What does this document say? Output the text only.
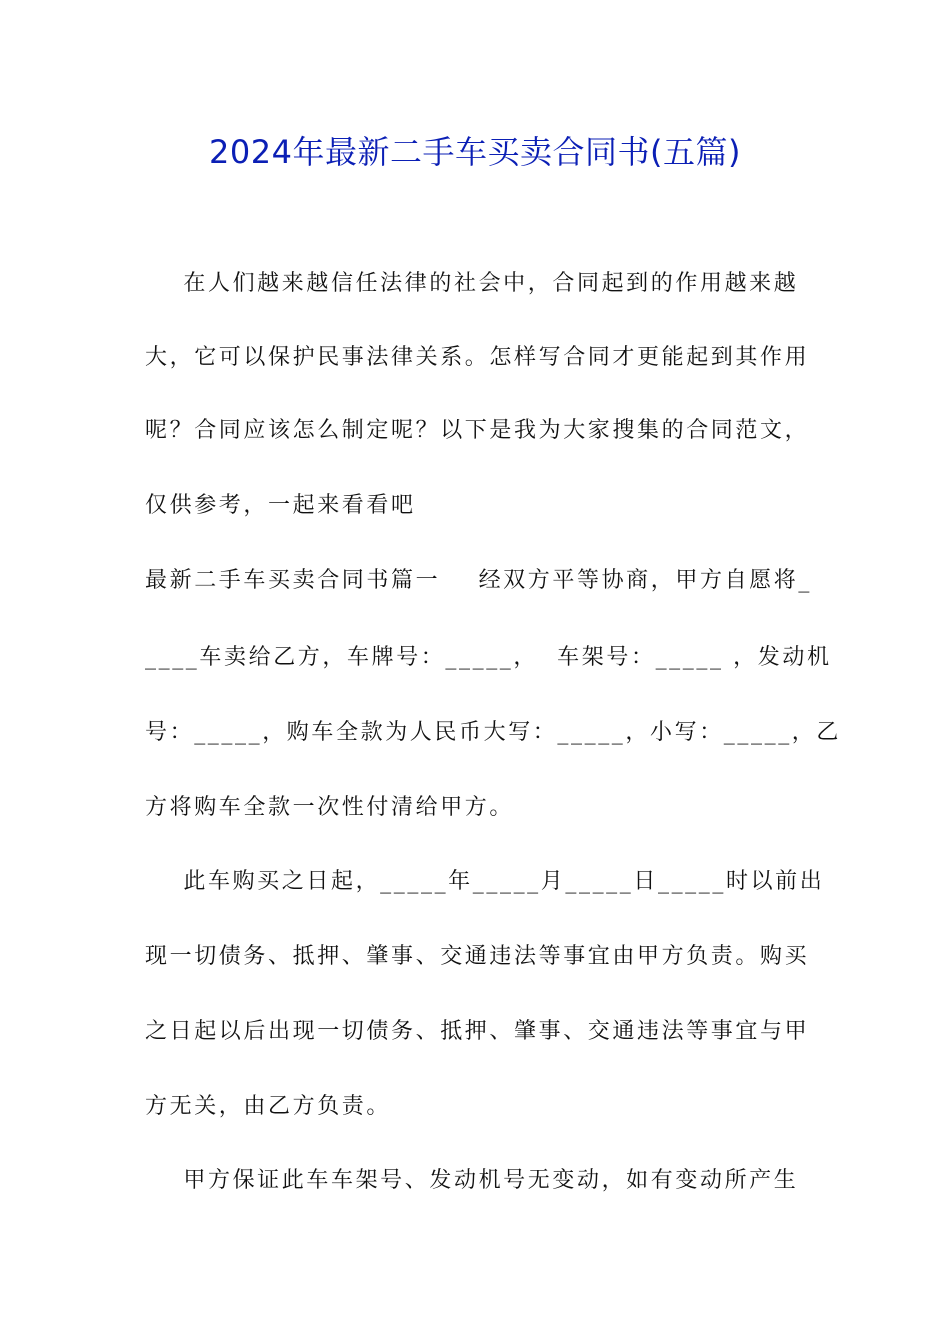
2024年最新二手车买卖合同书(五篇)
在人们越来越信任法律的社会中，合同起到的作用越来越
大，它可以保护民事法律关系。怎样写合同才更能起到其作用
呢？合同应该怎么制定呢？以下是我为大家搜集的合同范文，
仅供参考，一起来看看吧
最新二手车买卖合同书篇一    经双方平等协商，甲方自愿将_
____车卖给乙方，车牌号：_____，  车架号：_____ ，发动机
号：_____，购车全款为人民币大写：_____，小写：_____，乙
方将购车全款一次性付清给甲方。
此车购买之日起，_____年_____月_____日_____时以前出
现一切债务、抵押、肇事、交通违法等事宜由甲方负责。购买
之日起以后出现一切债务、抵押、肇事、交通违法等事宜与甲
方无关，由乙方负责。
甲方保证此车车架号、发动机号无变动，如有变动所产生
